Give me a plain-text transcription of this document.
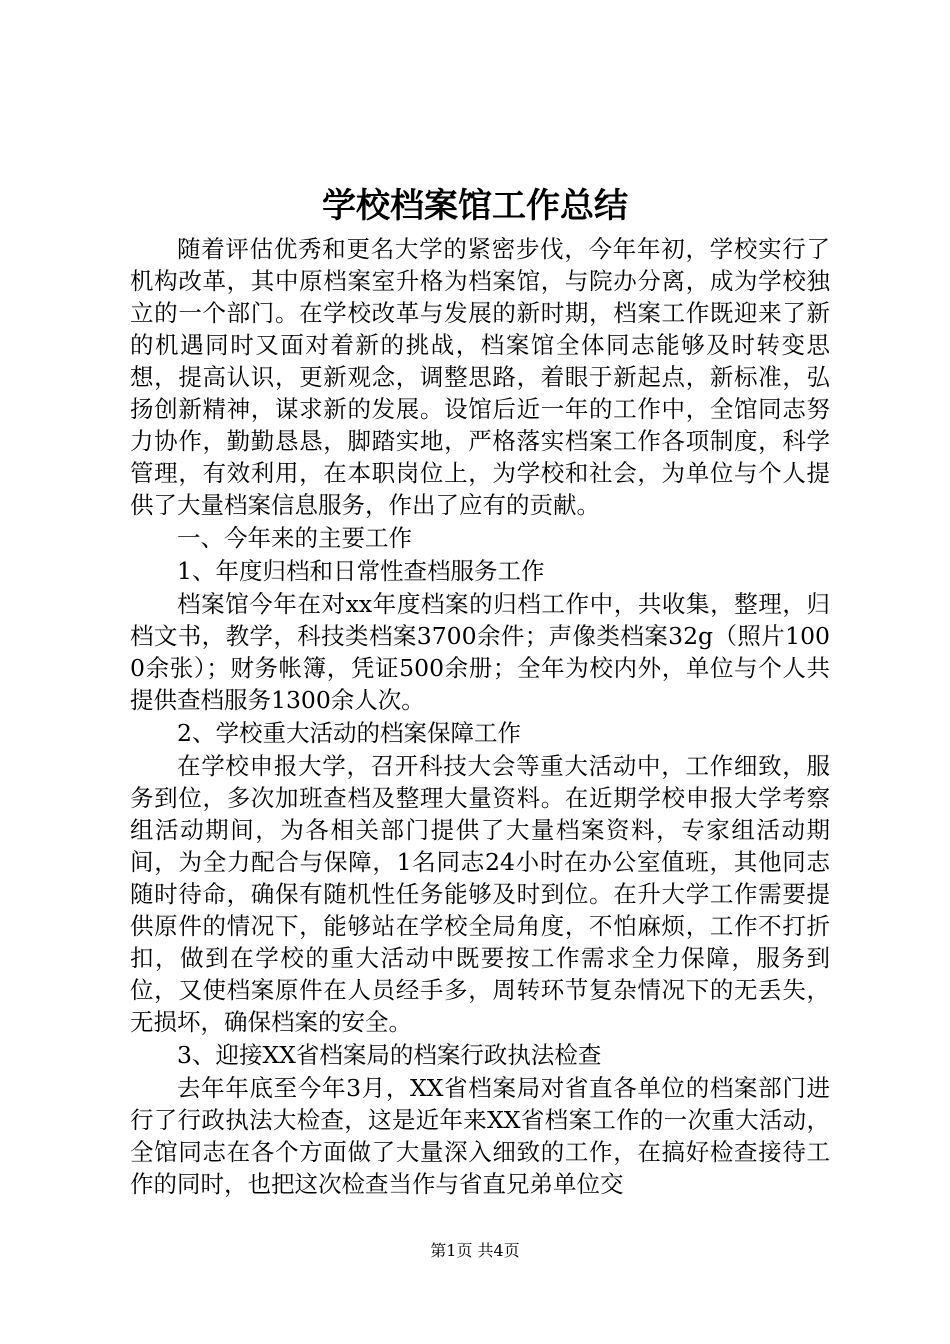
学校档案馆工作总结

随着评估优秀和更名大学的紧密步伐，今年年初，学校实行了机构改革，其中原档案室升格为档案馆，与院办分离，成为学校独立的一个部门。在学校改革与发展的新时期，档案工作既迎来了新的机遇同时又面对着新的挑战，档案馆全体同志能够及时转变思想，提高认识，更新观念，调整思路，着眼于新起点，新标准，弘扬创新精神，谋求新的发展。设馆后近一年的工作中，全馆同志努力协作，勤勤恳恳，脚踏实地，严格落实档案工作各项制度，科学管理，有效利用，在本职岗位上，为学校和社会，为单位与个人提供了大量档案信息服务，作出了应有的贡献。

一、今年来的主要工作

1、年度归档和日常性查档服务工作

档案馆今年在对xx年度档案的归档工作中，共收集，整理，归档文书，教学，科技类档案3700余件；声像类档案32g（照片1000余张）；财务帐簿，凭证500余册；全年为校内外，单位与个人共提供查档服务1300余人次。

2、学校重大活动的档案保障工作

在学校申报大学，召开科技大会等重大活动中，工作细致，服务到位，多次加班查档及整理大量资料。在近期学校申报大学考察组活动期间，为各相关部门提供了大量档案资料，专家组活动期间，为全力配合与保障，1名同志24小时在办公室值班，其他同志随时待命，确保有随机性任务能够及时到位。在升大学工作需要提供原件的情况下，能够站在学校全局角度，不怕麻烦，工作不打折扣，做到在学校的重大活动中既要按工作需求全力保障，服务到位，又使档案原件在人员经手多，周转环节复杂情况下的无丢失，无损坏，确保档案的安全。

3、迎接XX省档案局的档案行政执法检查

去年年底至今年3月，XX省档案局对省直各单位的档案部门进行了行政执法大检查，这是近年来XX省档案工作的一次重大活动，全馆同志在各个方面做了大量深入细致的工作，在搞好检查接待工作的同时，也把这次检查当作与省直兄弟单位交

第1页 共4页
